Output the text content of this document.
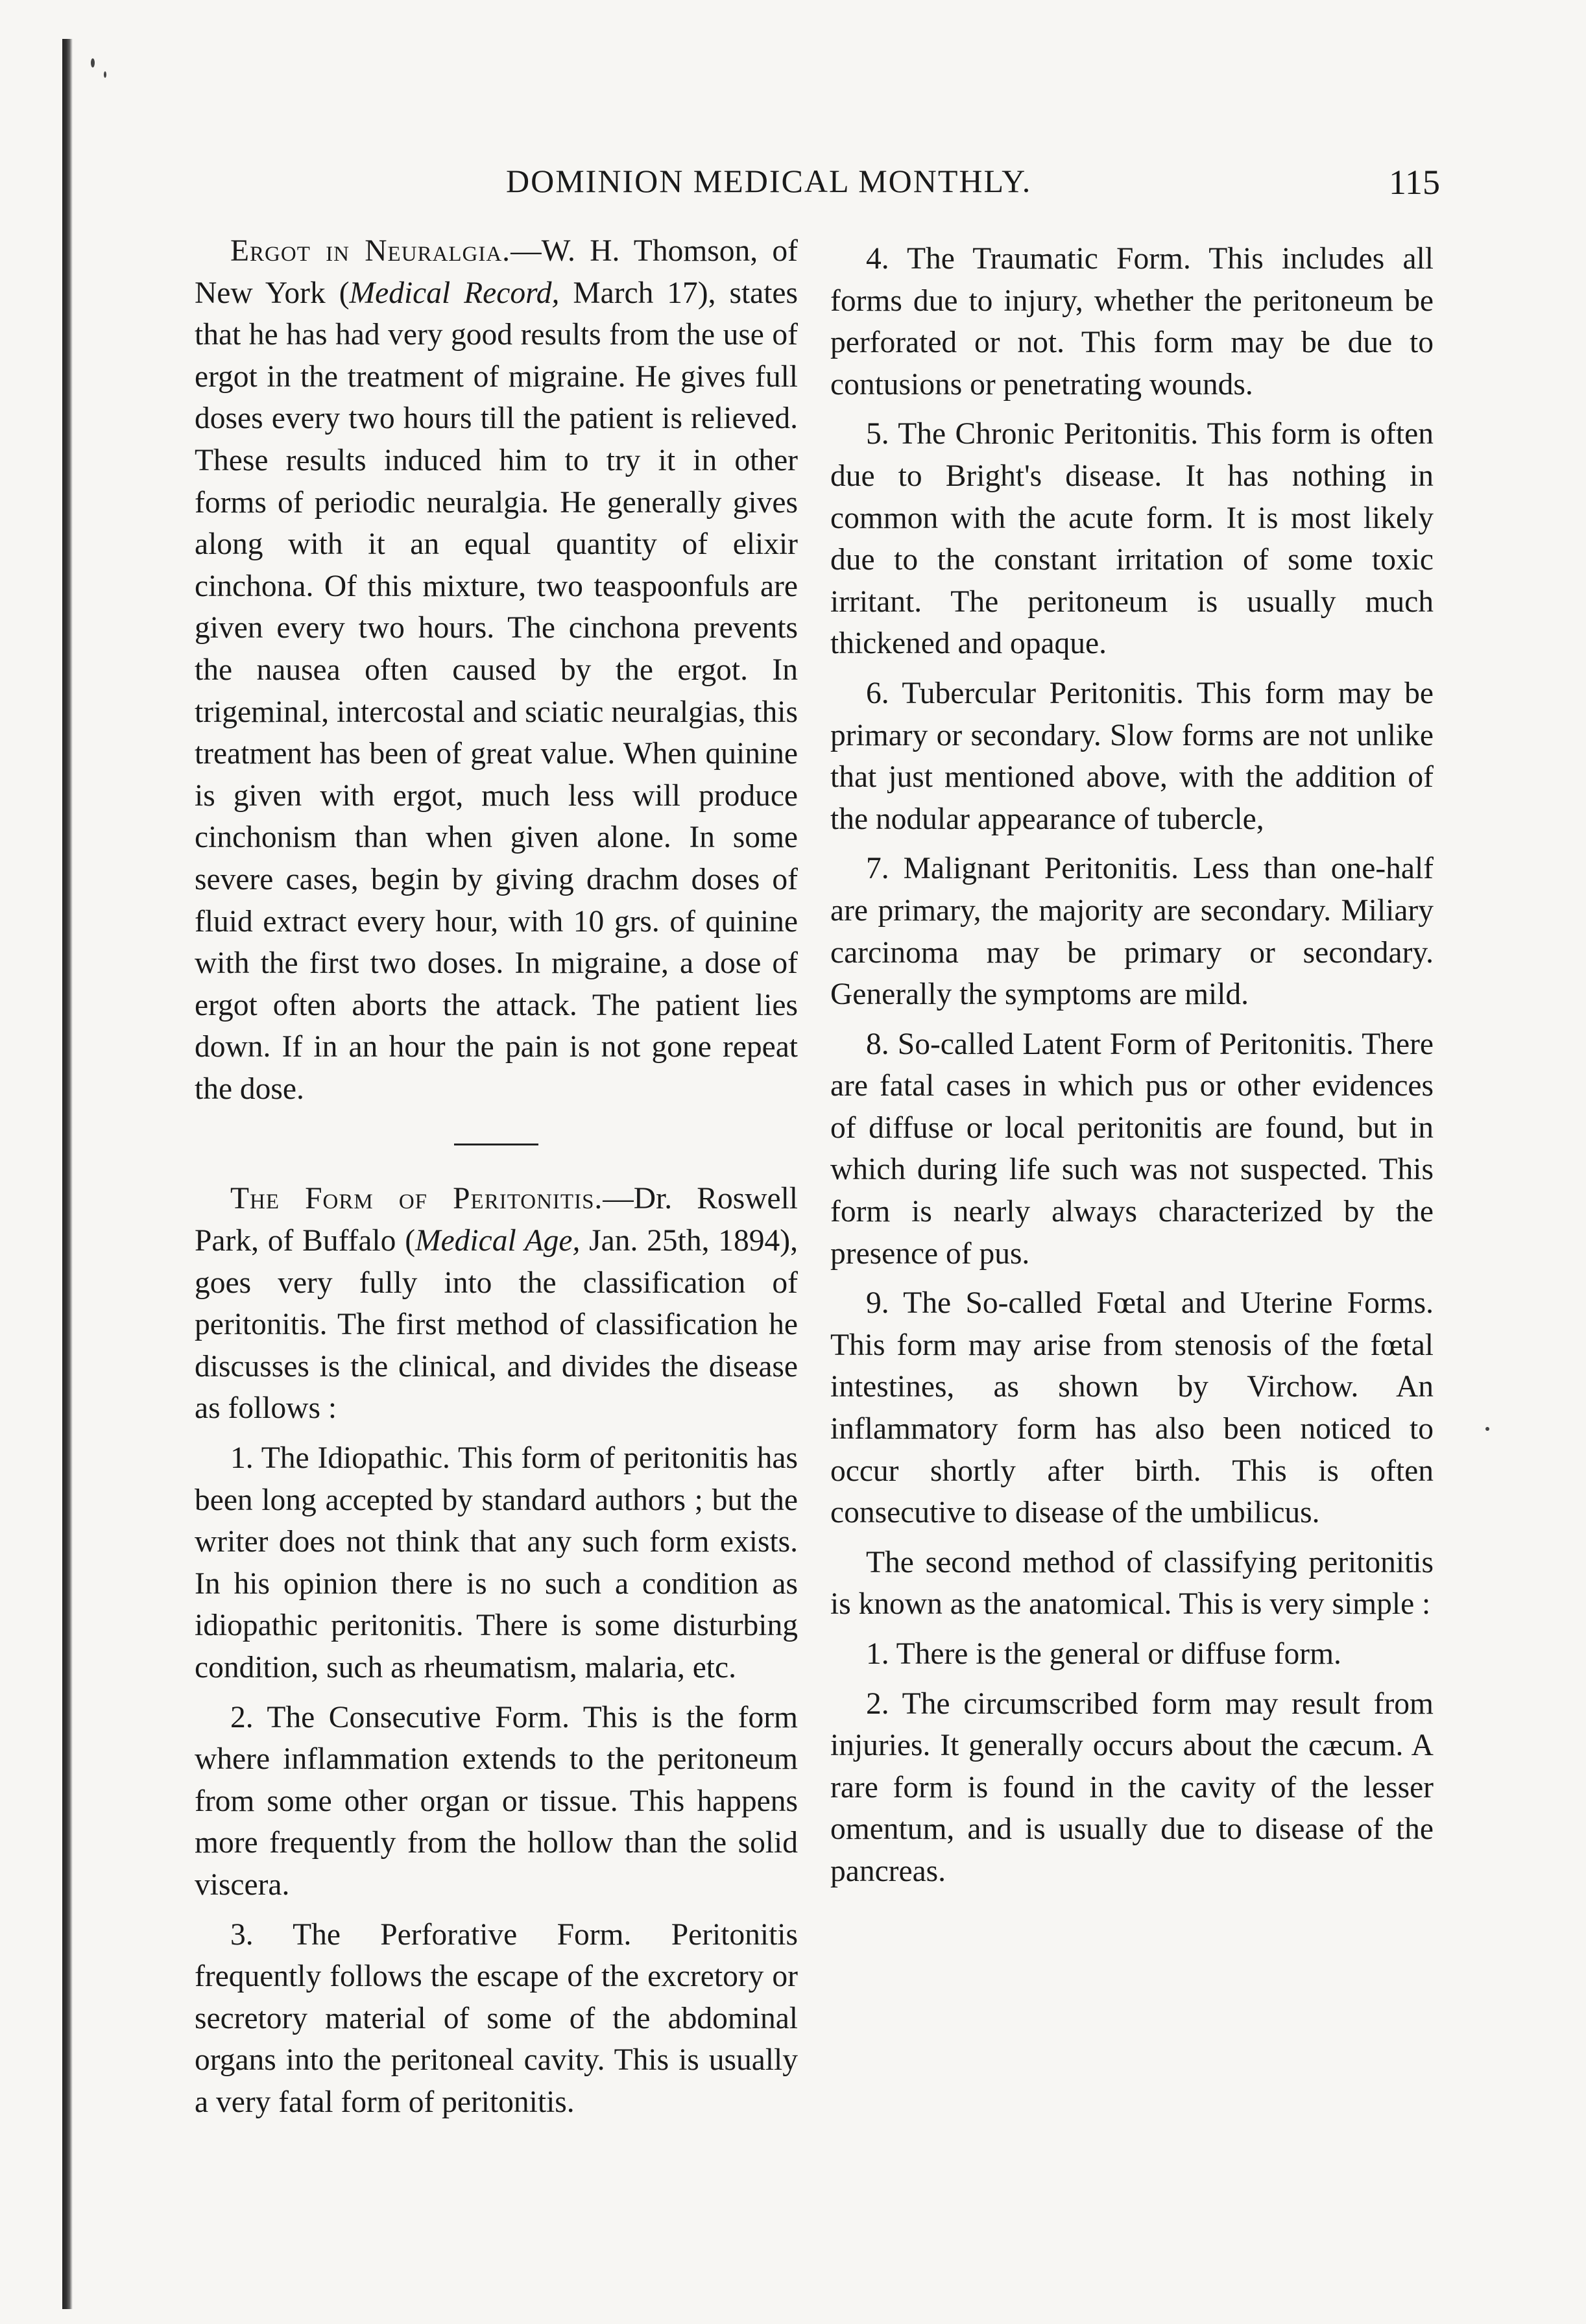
DOMINION MEDICAL MONTHLY.	115

Ergot in Neuralgia.—W. H. Thomson, of New York (Medical Record, March 17), states that he has had very good results from the use of ergot in the treatment of migraine. He gives full doses every two hours till the patient is relieved. These results induced him to try it in other forms of periodic neuralgia. He generally gives along with it an equal quantity of elixir cinchona. Of this mixture, two teaspoonfuls are given every two hours. The cinchona prevents the nausea often caused by the ergot. In trigeminal, intercostal and sciatic neuralgias, this treatment has been of great value. When quinine is given with ergot, much less will produce cinchonism than when given alone. In some severe cases, begin by giving drachm doses of fluid extract every hour, with 10 grs. of quinine with the first two doses. In migraine, a dose of ergot often aborts the attack. The patient lies down. If in an hour the pain is not gone repeat the dose.

The Form of Peritonitis.—Dr. Roswell Park, of Buffalo (Medical Age, Jan. 25th, 1894), goes very fully into the classification of peritonitis. The first method of classification he discusses is the clinical, and divides the disease as follows :

1. The Idiopathic. This form of peritonitis has been long accepted by standard authors ; but the writer does not think that any such form exists. In his opinion there is no such a condition as idiopathic peritonitis. There is some disturbing condition, such as rheumatism, malaria, etc.

2. The Consecutive Form. This is the form where inflammation extends to the peritoneum from some other organ or tissue. This happens more frequently from the hollow than the solid viscera.

3. The Perforative Form. Peritonitis frequently follows the escape of the excretory or secretory material of some of the abdominal organs into the peritoneal cavity. This is usually a very fatal form of peritonitis.

4. The Traumatic Form. This includes all forms due to injury, whether the peritoneum be perforated or not. This form may be due to contusions or penetrating wounds.

5. The Chronic Peritonitis. This form is often due to Bright's disease. It has nothing in common with the acute form. It is most likely due to the constant irritation of some toxic irritant. The peritoneum is usually much thickened and opaque.

6. Tubercular Peritonitis. This form may be primary or secondary. Slow forms are not unlike that just mentioned above, with the addition of the nodular appearance of tubercle,

7. Malignant Peritonitis. Less than one-half are primary, the majority are secondary. Miliary carcinoma may be primary or secondary. Generally the symptoms are mild.

8. So-called Latent Form of Peritonitis. There are fatal cases in which pus or other evidences of diffuse or local peritonitis are found, but in which during life such was not suspected. This form is nearly always characterized by the presence of pus.

9. The So-called Fœtal and Uterine Forms. This form may arise from stenosis of the fœtal intestines, as shown by Virchow. An inflammatory form has also been noticed to occur shortly after birth. This is often consecutive to disease of the umbilicus.

The second method of classifying peritonitis is known as the anatomical. This is very simple :

1. There is the general or diffuse form.

2. The circumscribed form may result from injuries. It generally occurs about the cæcum. A rare form is found in the cavity of the lesser omentum, and is usually due to disease of the pancreas.
